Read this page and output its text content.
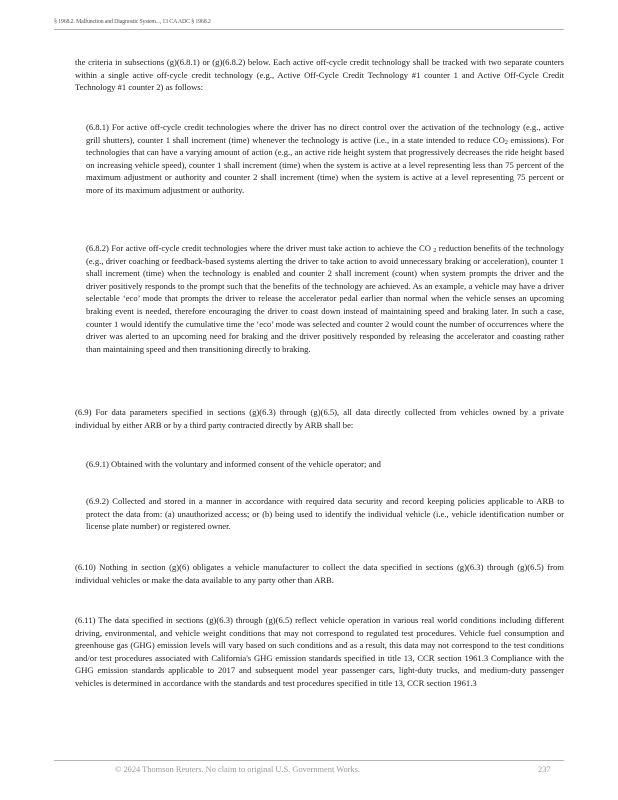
§ 1968.2. Malfunction and Diagnostic System..., 13 CA ADC § 1968.2

the criteria in subsections (g)(6.8.1) or (g)(6.8.2) below. Each active off-cycle credit technology shall be tracked with two separate counters within a single active off-cycle credit technology (e.g., Active Off-Cycle Credit Technology #1 counter 1 and Active Off-Cycle Credit Technology #1 counter 2) as follows:

(6.8.1) For active off-cycle credit technologies where the driver has no direct control over the activation of the technology (e.g., active grill shutters), counter 1 shall increment (time) whenever the technology is active (i.e., in a state intended to reduce $CO_2$ emissions). For technologies that can have a varying amount of action (e.g., an active ride height system that progressively decreases the ride height based on increasing vehicle speed), counter 1 shall increment (time) when the system is active at a level representing less than 75 percent of the maximum adjustment or authority and counter 2 shall increment (time) when the system is active at a level representing 75 percent or more of its maximum adjustment or authority.

(6.8.2) For active off-cycle credit technologies where the driver must take action to achieve the CO $_2$ reduction benefits of the technology (e.g., driver coaching or feedback-based systems alerting the driver to take action to avoid unnecessary braking or acceleration), counter 1 shall increment (time) when the technology is enabled and counter 2 shall increment (count) when system prompts the driver and the driver positively responds to the prompt such that the benefits of the technology are achieved. As an example, a vehicle may have a driver selectable ‘eco’ mode that prompts the driver to release the accelerator pedal earlier than normal when the vehicle senses an upcoming braking event is needed, therefore encouraging the driver to coast down instead of maintaining speed and braking later. In such a case, counter 1 would identify the cumulative time the ‘eco’ mode was selected and counter 2 would count the number of occurrences where the driver was alerted to an upcoming need for braking and the driver positively responded by releasing the accelerator and coasting rather than maintaining speed and then transitioning directly to braking.

(6.9) For data parameters specified in sections (g)(6.3) through (g)(6.5), all data directly collected from vehicles owned by a private individual by either ARB or by a third party contracted directly by ARB shall be:

(6.9.1) Obtained with the voluntary and informed consent of the vehicle operator; and

(6.9.2) Collected and stored in a manner in accordance with required data security and record keeping policies applicable to ARB to protect the data from: (a) unauthorized access; or (b) being used to identify the individual vehicle (i.e., vehicle identification number or license plate number) or registered owner.

(6.10) Nothing in section (g)(6) obligates a vehicle manufacturer to collect the data specified in sections (g)(6.3) through (g)(6.5) from individual vehicles or make the data available to any party other than ARB.

(6.11) The data specified in sections (g)(6.3) through (g)(6.5) reflect vehicle operation in various real world conditions including different driving, environmental, and vehicle weight conditions that may not correspond to regulated test procedures. Vehicle fuel consumption and greenhouse gas (GHG) emission levels will vary based on such conditions and as a result, this data may not correspond to the test conditions and/or test procedures associated with California's GHG emission standards specified in title 13, CCR section 1961.3 Compliance with the GHG emission standards applicable to 2017 and subsequent model year passenger cars, light-duty trucks, and medium-duty passenger vehicles is determined in accordance with the standards and test procedures specified in title 13, CCR section 1961.3

© 2024 Thomson Reuters. No claim to original U.S. Government Works.	237
